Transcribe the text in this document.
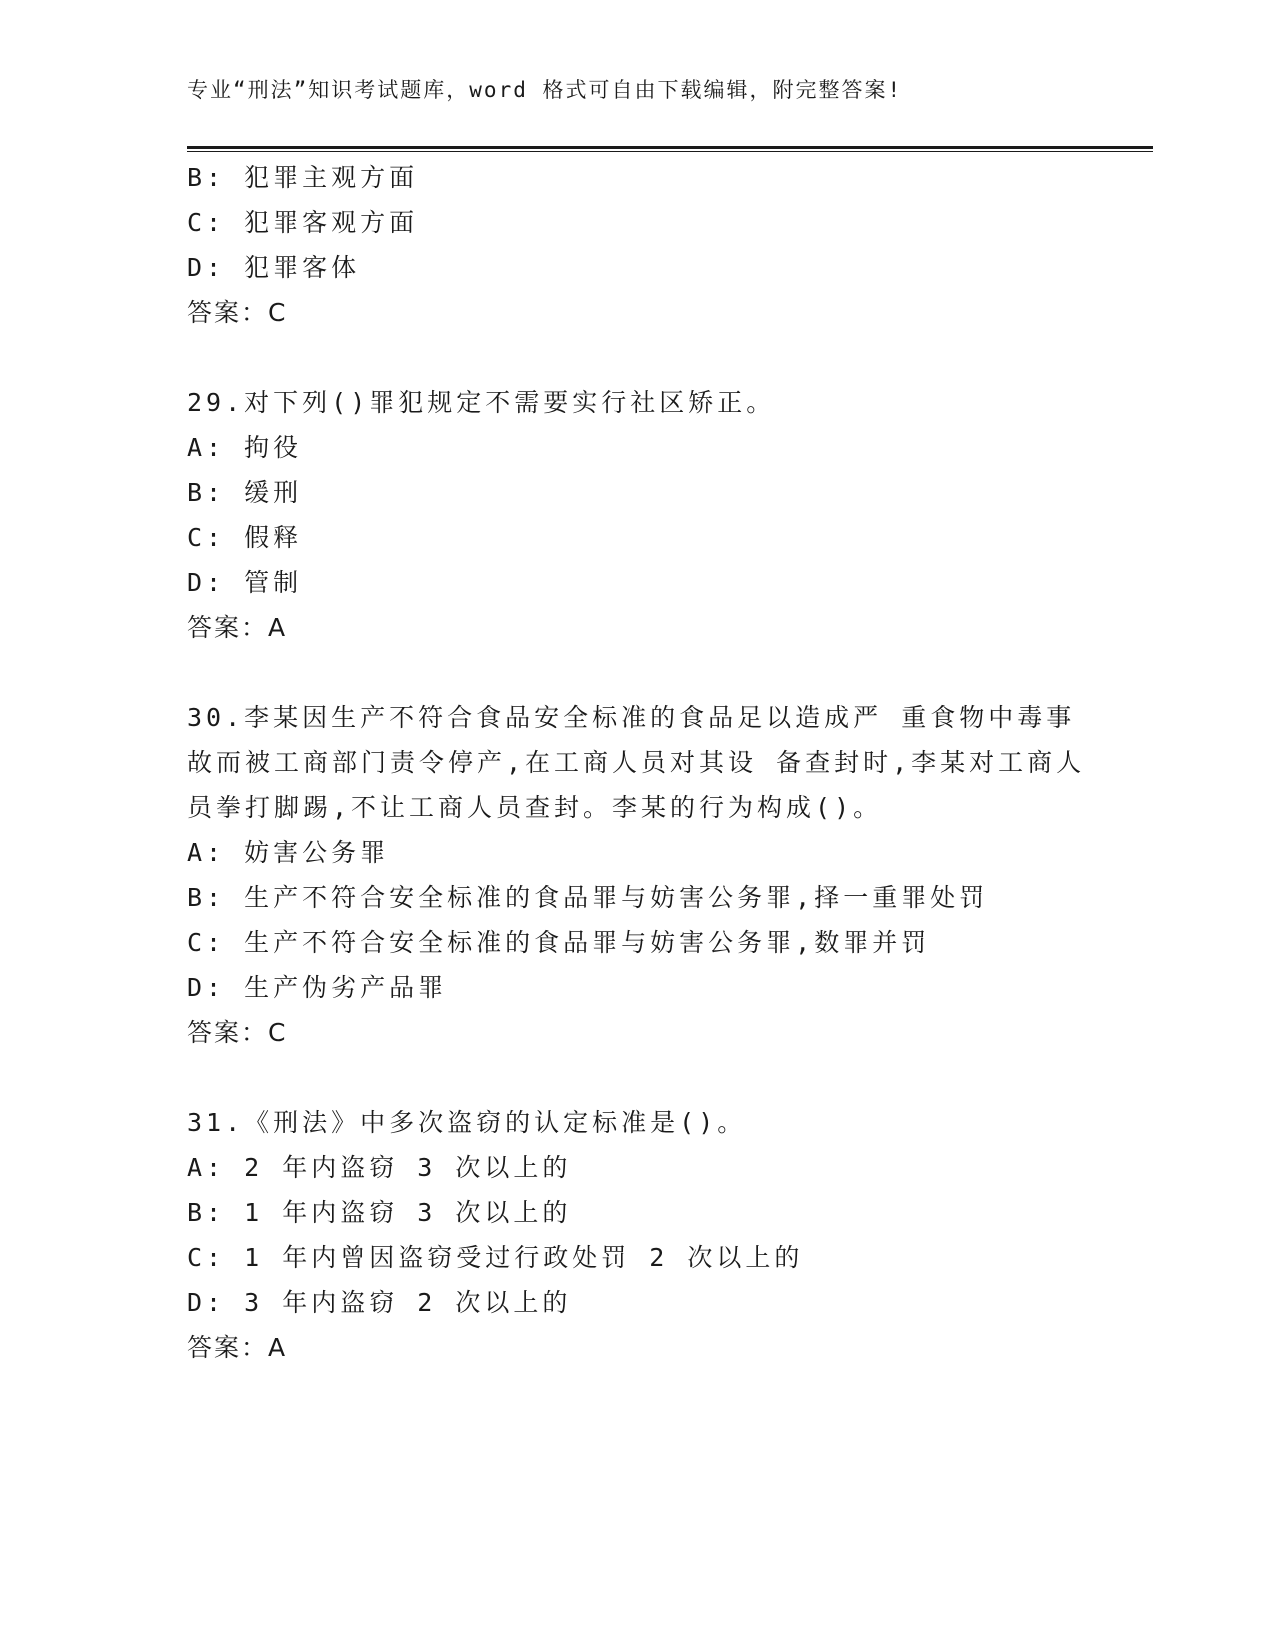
专业“刑法”知识考试题库，word 格式可自由下载编辑，附完整答案!
B: 犯罪主观方面
C: 犯罪客观方面
D: 犯罪客体
答案：C
29.对下列()罪犯规定不需要实行社区矫正。
A: 拘役
B: 缓刑
C: 假释
D: 管制
答案：A
30.李某因生产不符合食品安全标准的食品足以造成严 重食物中毒事
故而被工商部门责令停产,在工商人员对其设 备查封时,李某对工商人
员拳打脚踢,不让工商人员查封。李某的行为构成()。
A: 妨害公务罪
B: 生产不符合安全标准的食品罪与妨害公务罪,择一重罪处罚
C: 生产不符合安全标准的食品罪与妨害公务罪,数罪并罚
D: 生产伪劣产品罪
答案：C
31.《刑法》中多次盗窃的认定标准是()。
A: 2 年内盗窃 3 次以上的
B: 1 年内盗窃 3 次以上的
C: 1 年内曾因盗窃受过行政处罚 2 次以上的
D: 3 年内盗窃 2 次以上的
答案：A
